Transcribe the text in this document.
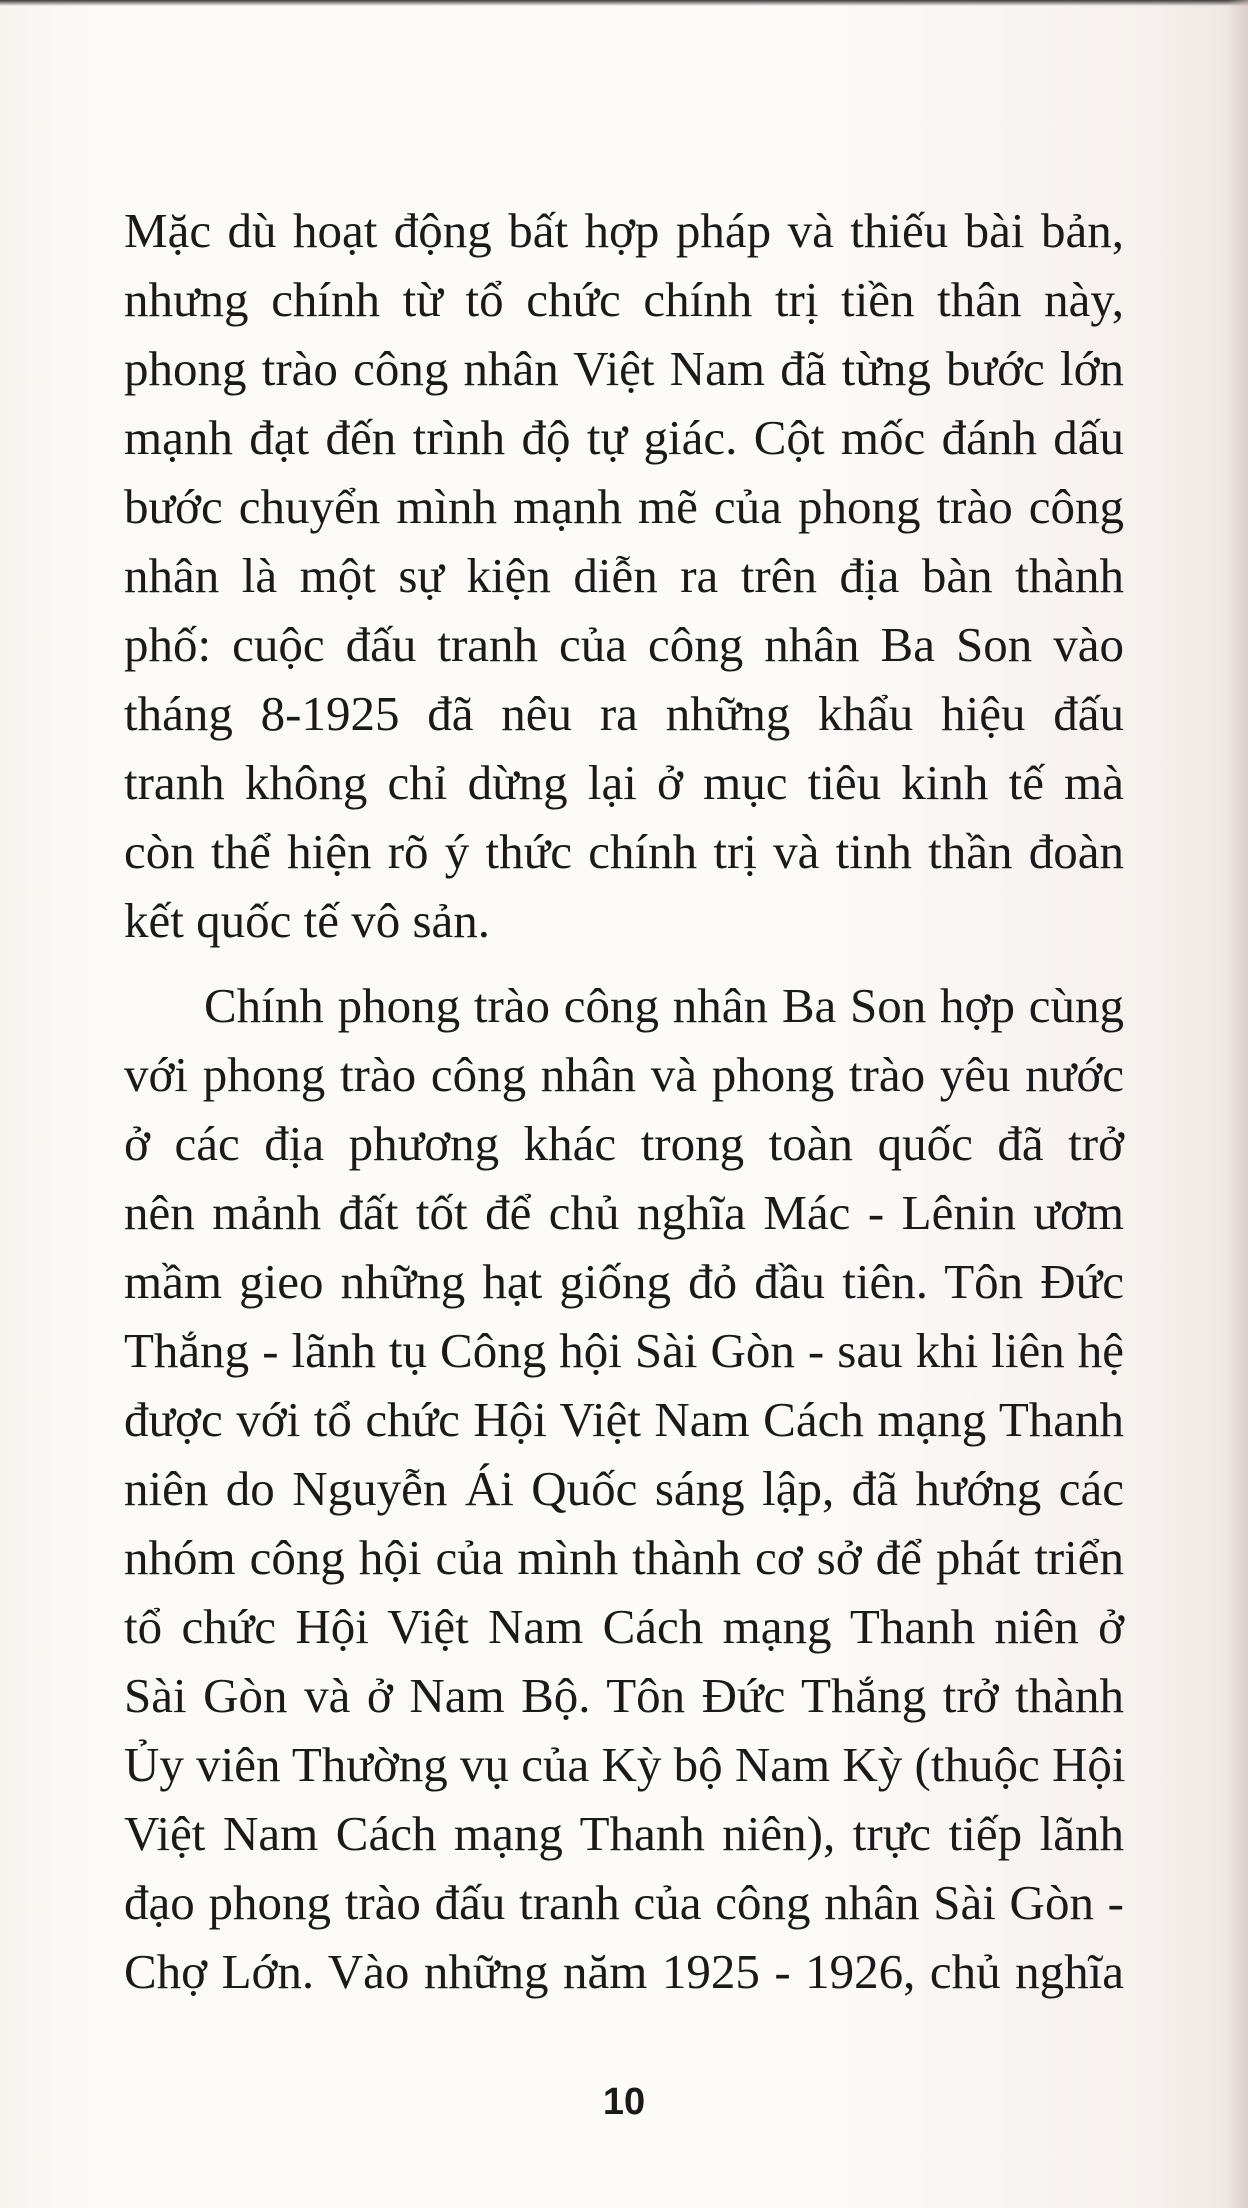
Mặc dù hoạt động bất hợp pháp và thiếu bài bản,
nhưng chính từ tổ chức chính trị tiền thân này,
phong trào công nhân Việt Nam đã từng bước lớn
mạnh đạt đến trình độ tự giác. Cột mốc đánh dấu
bước chuyển mình mạnh mẽ của phong trào công
nhân là một sự kiện diễn ra trên địa bàn thành
phố: cuộc đấu tranh của công nhân Ba Son vào
tháng 8-1925 đã nêu ra những khẩu hiệu đấu
tranh không chỉ dừng lại ở mục tiêu kinh tế mà
còn thể hiện rõ ý thức chính trị và tinh thần đoàn
kết quốc tế vô sản.

Chính phong trào công nhân Ba Son hợp cùng
với phong trào công nhân và phong trào yêu nước
ở các địa phương khác trong toàn quốc đã trở
nên mảnh đất tốt để chủ nghĩa Mác - Lênin ươm
mầm gieo những hạt giống đỏ đầu tiên. Tôn Đức
Thắng - lãnh tụ Công hội Sài Gòn - sau khi liên hệ
được với tổ chức Hội Việt Nam Cách mạng Thanh
niên do Nguyễn Ái Quốc sáng lập, đã hướng các
nhóm công hội của mình thành cơ sở để phát triển
tổ chức Hội Việt Nam Cách mạng Thanh niên ở
Sài Gòn và ở Nam Bộ. Tôn Đức Thắng trở thành
Ủy viên Thường vụ của Kỳ bộ Nam Kỳ (thuộc Hội
Việt Nam Cách mạng Thanh niên), trực tiếp lãnh
đạo phong trào đấu tranh của công nhân Sài Gòn -
Chợ Lớn. Vào những năm 1925 - 1926, chủ nghĩa

10
